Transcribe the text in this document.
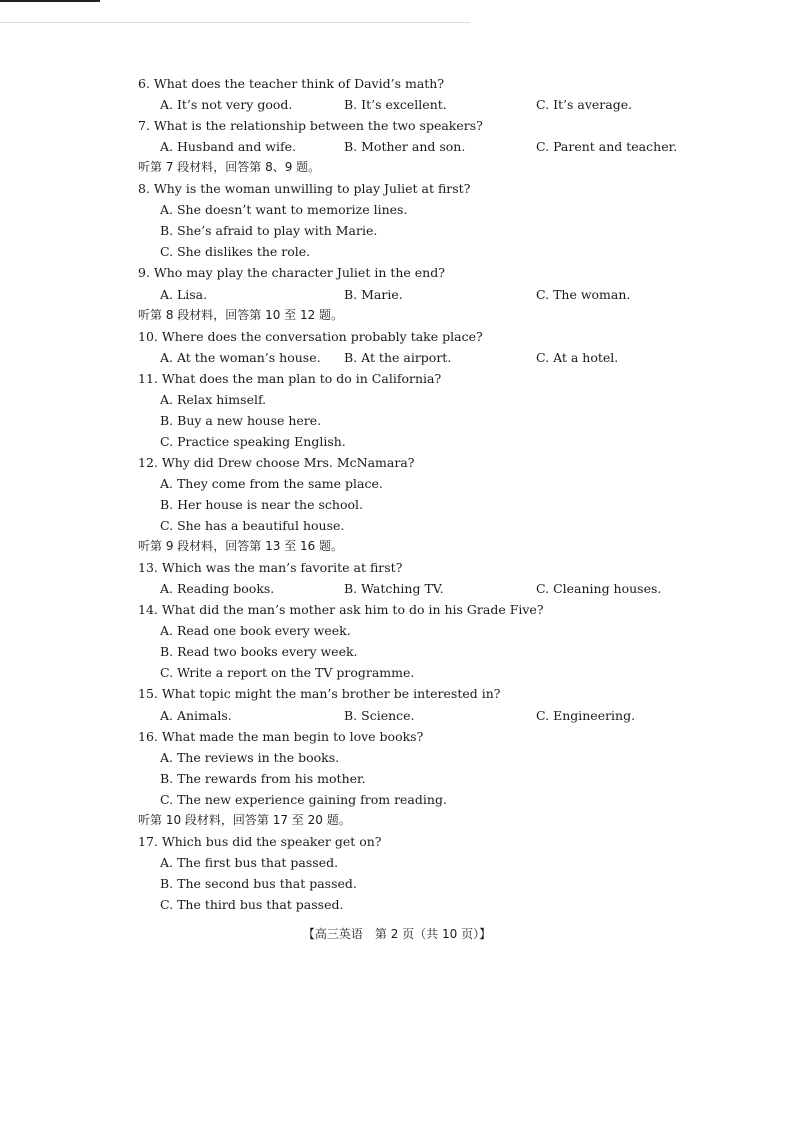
6. What does the teacher think of David’s math?
A. It’s not very good.	B. It’s excellent.	C. It’s average.
7. What is the relationship between the two speakers?
A. Husband and wife.	B. Mother and son.	C. Parent and teacher.
听第 7 段材料，回答第 8、9 题。
8. Why is the woman unwilling to play Juliet at first?
A. She doesn’t want to memorize lines.
B. She’s afraid to play with Marie.
C. She dislikes the role.
9. Who may play the character Juliet in the end?
A. Lisa.	B. Marie.	C. The woman.
听第 8 段材料，回答第 10 至 12 题。
10. Where does the conversation probably take place?
A. At the woman’s house. B. At the airport.	C. At a hotel.
11. What does the man plan to do in California?
A. Relax himself.
B. Buy a new house here.
C. Practice speaking English.
12. Why did Drew choose Mrs. McNamara?
A. They come from the same place.
B. Her house is near the school.
C. She has a beautiful house.
听第 9 段材料，回答第 13 至 16 题。
13. Which was the man’s favorite at first?
A. Reading books.	B. Watching TV.	C. Cleaning houses.
14. What did the man’s mother ask him to do in his Grade Five?
A. Read one book every week.
B. Read two books every week.
C. Write a report on the TV programme.
15. What topic might the man’s brother be interested in?
A. Animals.	B. Science.	C. Engineering.
16. What made the man begin to love books?
A. The reviews in the books.
B. The rewards from his mother.
C. The new experience gaining from reading.
听第 10 段材料，回答第 17 至 20 题。
17. Which bus did the speaker get on?
A. The first bus that passed.
B. The second bus that passed.
C. The third bus that passed.
【高三英语　第 2 页（共 10 页）】
